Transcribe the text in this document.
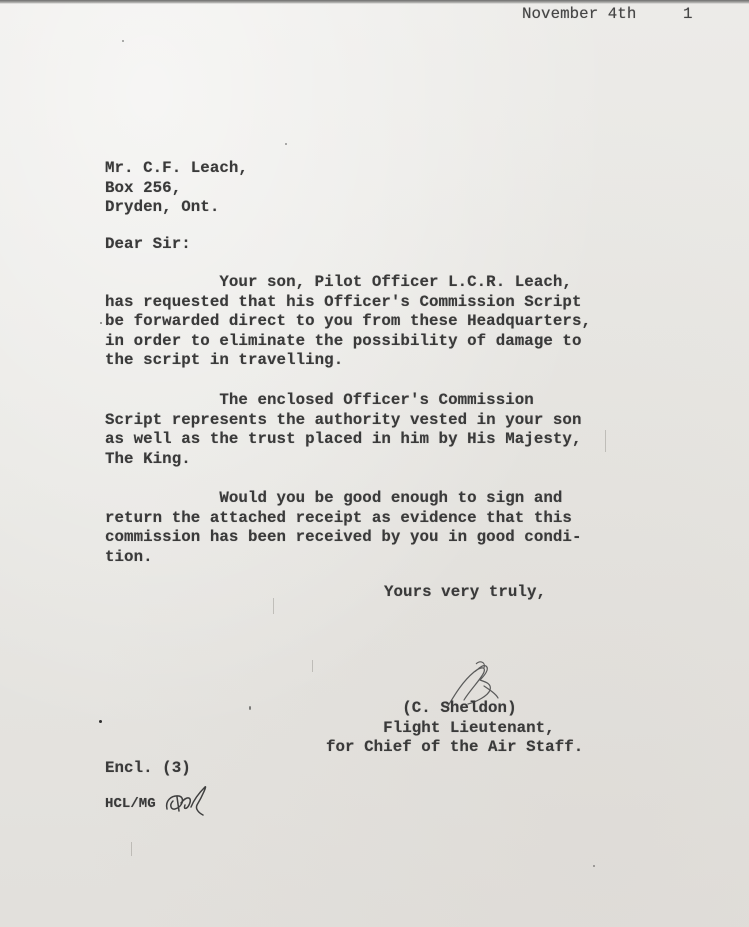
November 4th	1
Mr. C.F. Leach,
Box 256,
Dryden, Ont.
Dear Sir:
Your son, Pilot Officer L.C.R. Leach,
has requested that his Officer's Commission Script
be forwarded direct to you from these Headquarters,
in order to eliminate the possibility of damage to
the script in travelling.
The enclosed Officer's Commission
Script represents the authority vested in your son
as well as the trust placed in him by His Majesty,
The King.
Would you be good enough to sign and
return the attached receipt as evidence that this
commission has been received by you in good condi-
tion.
Yours very truly,
(C. Sheldon)
Flight Lieutenant,
for Chief of the Air Staff.
Encl. (3)
HCL/MG
